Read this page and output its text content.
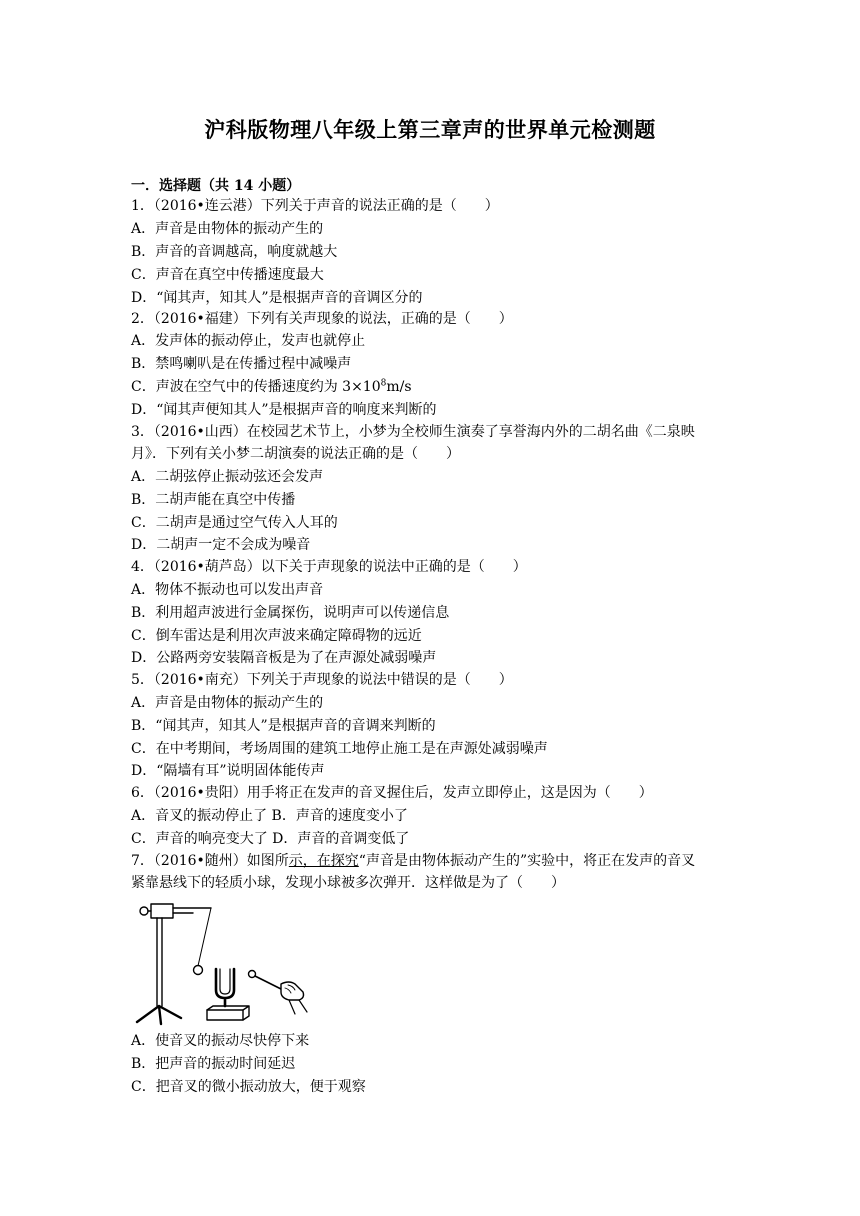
沪科版物理八年级上第三章声的世界单元检测题
一．选择题（共 14 小题）
1．（2016•连云港）下列关于声音的说法正确的是（　　）
A．声音是由物体的振动产生的
B．声音的音调越高，响度就越大
C．声音在真空中传播速度最大
D．“闻其声，知其人”是根据声音的音调区分的
2．（2016•福建）下列有关声现象的说法，正确的是（　　）
A．发声体的振动停止，发声也就停止
B．禁鸣喇叭是在传播过程中减噪声
C．声波在空气中的传播速度约为 $3\times 10^8m/s$
D．“闻其声便知其人”是根据声音的响度来判断的
3．（2016•山西）在校园艺术节上，小梦为全校师生演奏了享誉海内外的二胡名曲《二泉映
月》．下列有关小梦二胡演奏的说法正确的是（　　）
A．二胡弦停止振动弦还会发声
B．二胡声能在真空中传播
C．二胡声是通过空气传入人耳的
D．二胡声一定不会成为噪音
4．（2016•葫芦岛）以下关于声现象的说法中正确的是（　　）
A．物体不振动也可以发出声音
B．利用超声波进行金属探伤，说明声可以传递信息
C．倒车雷达是利用次声波来确定障碍物的远近
D．公路两旁安装隔音板是为了在声源处减弱噪声
5．（2016•南充）下列关于声现象的说法中错误的是（　　）
A．声音是由物体的振动产生的
B．“闻其声，知其人”是根据声音的音调来判断的
C．在中考期间，考场周围的建筑工地停止施工是在声源处减弱噪声
D．“隔墙有耳”说明固体能传声
6．（2016•贵阳）用手将正在发声的音叉握住后，发声立即停止，这是因为（　　）
A．音叉的振动停止了 B．声音的速度变小了
C．声音的响亮变大了 D．声音的音调变低了
7．（2016•随州）如图所示，在探究“声音是由物体振动产生的”实验中，将正在发声的音叉
紧靠悬线下的轻质小球，发现小球被多次弹开．这样做是为了（　　）
A．使音叉的振动尽快停下来
B．把声音的振动时间延迟
C．把音叉的微小振动放大，便于观察
